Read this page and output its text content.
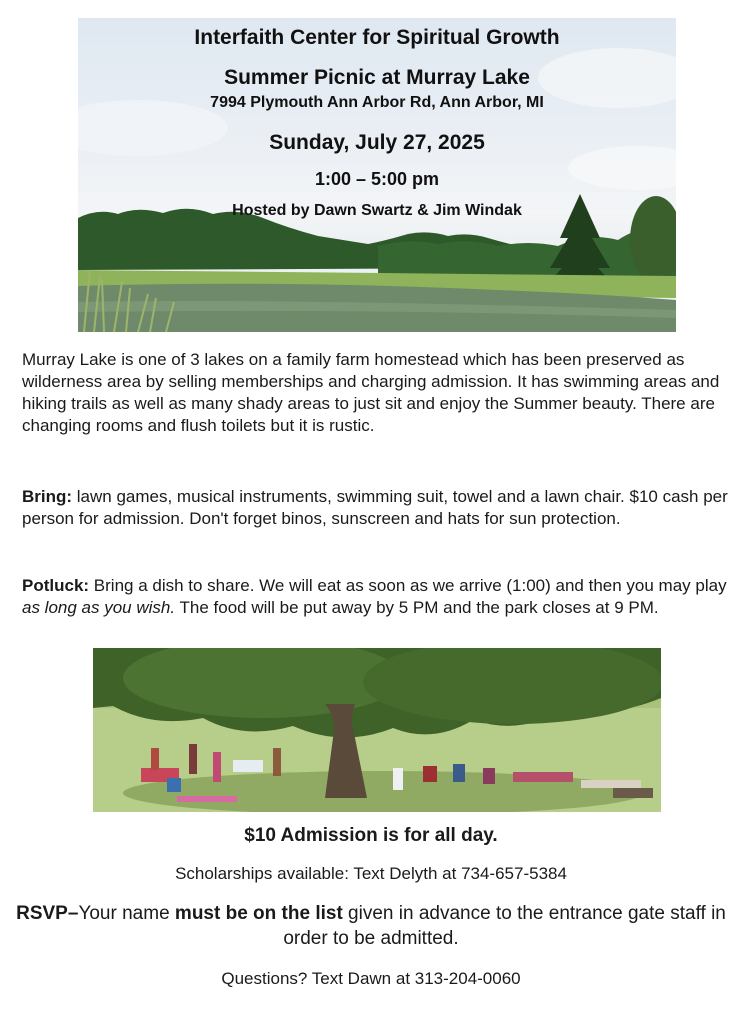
Interfaith Center for Spiritual Growth
Summer Picnic at Murray Lake
7994 Plymouth Ann Arbor Rd, Ann Arbor, MI
Sunday, July 27, 2025
1:00 – 5:00 pm
Hosted by Dawn Swartz & Jim Windak

Murray Lake is one of 3 lakes on a family farm homestead which has been preserved as wilderness area by selling memberships and charging admission. It has swimming areas and hiking trails as well as many shady areas to just sit and enjoy the Summer beauty. There are changing rooms and flush toilets but it is rustic.

Bring: lawn games, musical instruments, swimming suit, towel and a lawn chair. $10 cash per person for admission. Don't forget binos, sunscreen and hats for sun protection.

Potluck: Bring a dish to share. We will eat as soon as we arrive (1:00) and then you may play as long as you wish. The food will be put away by 5 PM and the park closes at 9 PM.

$10 Admission is for all day.
Scholarships available: Text Delyth at 734-657-5384
RSVP–Your name must be on the list given in advance to the entrance gate staff in order to be admitted.
Questions? Text Dawn at 313-204-0060
